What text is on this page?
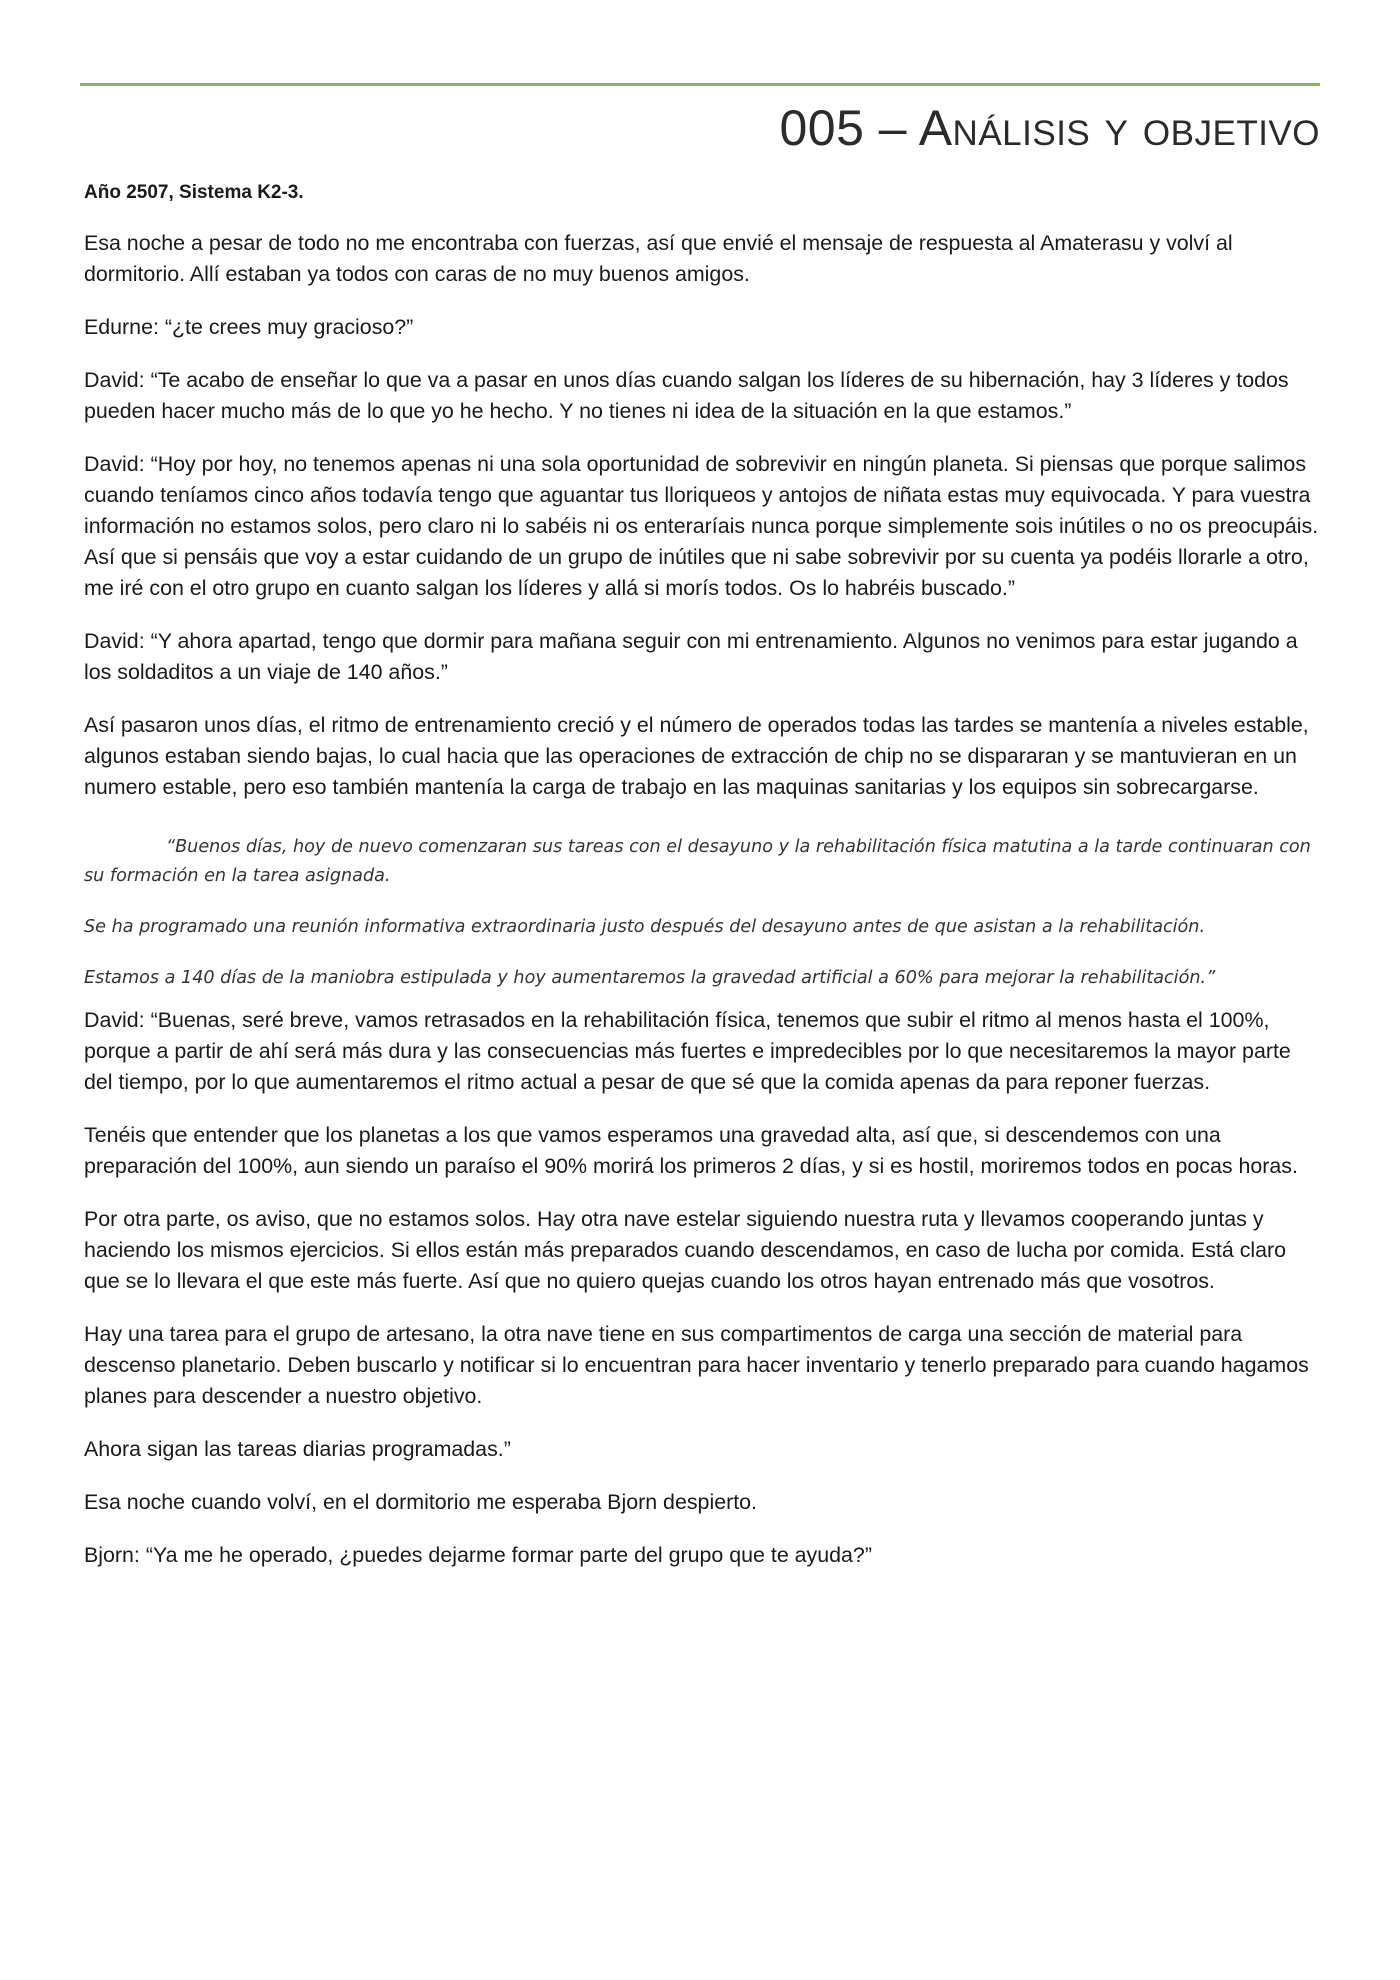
005 – Análisis y objetivo
Año 2507, Sistema K2-3.

Esa noche a pesar de todo no me encontraba con fuerzas, así que envié el mensaje de respuesta al Amaterasu y volví al dormitorio. Allí estaban ya todos con caras de no muy buenos amigos.

Edurne: “¿te crees muy gracioso?”

David: “Te acabo de enseñar lo que va a pasar en unos días cuando salgan los líderes de su hibernación, hay 3 líderes y todos pueden hacer mucho más de lo que yo he hecho. Y no tienes ni idea de la situación en la que estamos.”

David: “Hoy por hoy, no tenemos apenas ni una sola oportunidad de sobrevivir en ningún planeta. Si piensas que porque salimos cuando teníamos cinco años todavía tengo que aguantar tus lloriqueos y antojos de niñata estas muy equivocada. Y para vuestra información no estamos solos, pero claro ni lo sabéis ni os enteraríais nunca porque simplemente sois inútiles o no os preocupáis. Así que si pensáis que voy a estar cuidando de un grupo de inútiles que ni sabe sobrevivir por su cuenta ya podéis llorarle a otro, me iré con el otro grupo en cuanto salgan los líderes y allá si morís todos. Os lo habréis buscado.”

David: “Y ahora apartad, tengo que dormir para mañana seguir con mi entrenamiento. Algunos no venimos para estar jugando a los soldaditos a un viaje de 140 años.”

Así pasaron unos días, el ritmo de entrenamiento creció y el número de operados todas las tardes se mantenía a niveles estable, algunos estaban siendo bajas, lo cual hacia que las operaciones de extracción de chip no se dispararan y se mantuvieran en un numero estable, pero eso también mantenía la carga de trabajo en las maquinas sanitarias y los equipos sin sobrecargarse.

“Buenos días, hoy de nuevo comenzaran sus tareas con el desayuno y la rehabilitación física matutina a la tarde continuaran con su formación en la tarea asignada.

Se ha programado una reunión informativa extraordinaria justo después del desayuno antes de que asistan a la rehabilitación.

Estamos a 140 días de la maniobra estipulada y hoy aumentaremos la gravedad artificial a 60% para mejorar la rehabilitación.”

David: “Buenas, seré breve, vamos retrasados en la rehabilitación física, tenemos que subir el ritmo al menos hasta el 100%, porque a partir de ahí será más dura y las consecuencias más fuertes e impredecibles por lo que necesitaremos la mayor parte del tiempo, por lo que aumentaremos el ritmo actual a pesar de que sé que la comida apenas da para reponer fuerzas.

Tenéis que entender que los planetas a los que vamos esperamos una gravedad alta, así que, si descendemos con una preparación del 100%, aun siendo un paraíso el 90% morirá los primeros 2 días, y si es hostil, moriremos todos en pocas horas.

Por otra parte, os aviso, que no estamos solos. Hay otra nave estelar siguiendo nuestra ruta y llevamos cooperando juntas y haciendo los mismos ejercicios. Si ellos están más preparados cuando descendamos, en caso de lucha por comida. Está claro que se lo llevara el que este más fuerte. Así que no quiero quejas cuando los otros hayan entrenado más que vosotros.

Hay una tarea para el grupo de artesano, la otra nave tiene en sus compartimentos de carga una sección de material para descenso planetario. Deben buscarlo y notificar si lo encuentran para hacer inventario y tenerlo preparado para cuando hagamos planes para descender a nuestro objetivo.

Ahora sigan las tareas diarias programadas.”

Esa noche cuando volví, en el dormitorio me esperaba Bjorn despierto.

Bjorn: “Ya me he operado, ¿puedes dejarme formar parte del grupo que te ayuda?”
